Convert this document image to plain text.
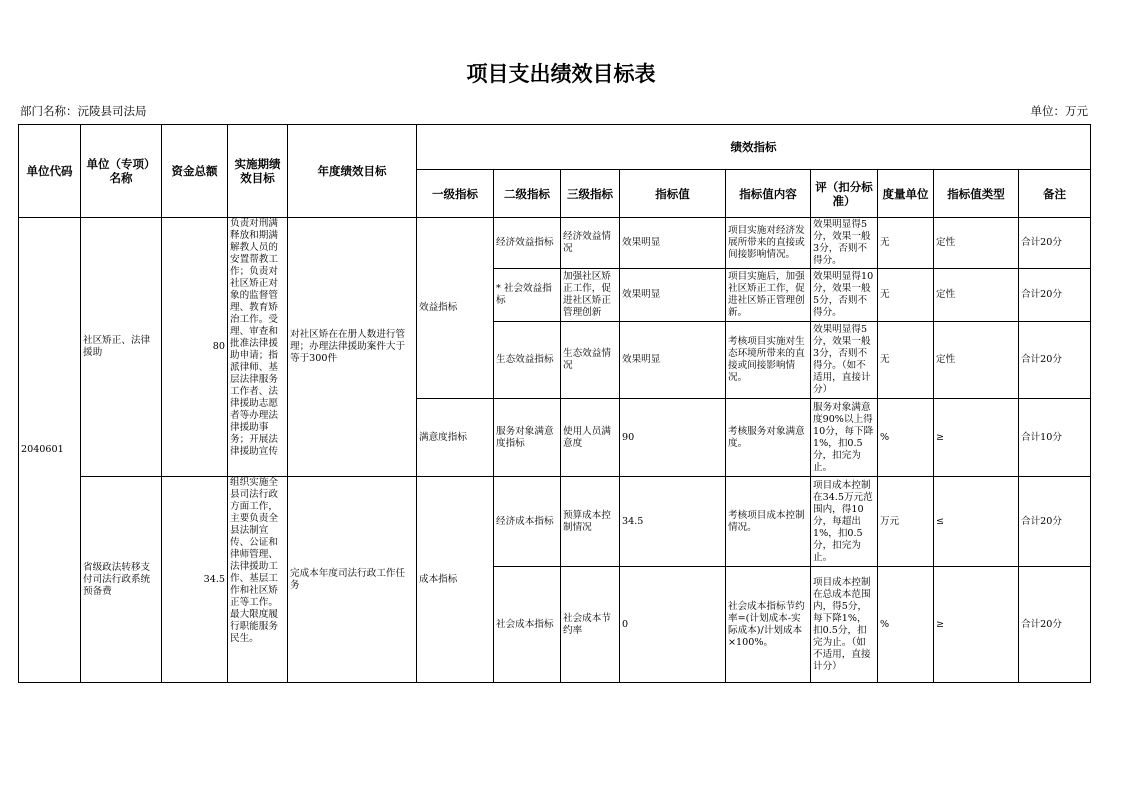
项目支出绩效目标表
部门名称：沅陵县司法局	单位：万元
单位代码	单位（专项）名称	资金总额	实施期绩效目标	年度绩效目标	绩效指标								
					一级指标	二级指标	三级指标	指标值	指标值内容	评（扣分标准）	度量单位	指标值类型	备注
2040601	社区矫正、法律援助	80	负责对刑满释放和期满解教人员的安置帮教工作；负责对社区矫正对象的监督管理、教育矫治工作。受理、审查和批准法律援助申请；指派律师、基层法律服务工作者、法律援助志愿者等办理法律援助事务；开展法律援助宣传	对社区矫在在册人数进行管理；办理法律援助案件大于等于300件	效益指标	经济效益指标	经济效益情况	效果明显	项目实施对经济发展所带来的直接或间接影响情况。	效果明显得5分，效果一般3分，否则不得分。	无	定性	合计20分
						* 社会效益指标	加强社区矫正工作，促进社区矫正管理创新	效果明显	项目实施后，加强社区矫正工作，促进社区矫正管理创新。	效果明显得10分，效果一般5分，否则不得分。	无	定性	合计20分
						生态效益指标	生态效益情况	效果明显	考核项目实施对生态环境所带来的直接或间接影响情况。	效果明显得5分，效果一般3分，否则不得分。（如不适用，直接计分）	无	定性	合计20分
					满意度指标	服务对象满意度指标	使用人员满意度	90	考核服务对象满意度。	服务对象满意度90%以上得10分，每下降1%，扣0.5分，扣完为止。	%	≥	合计10分
	省级政法转移支付司法行政系统预备费	34.5	组织实施全县司法行政方面工作，主要负责全县法制宣传、公证和律师管理、法律援助工作、基层工作和社区矫正等工作。最大限度履行职能服务民生。	完成本年度司法行政工作任务	成本指标	经济成本指标	预算成本控制情况	34.5	考核项目成本控制情况。	项目成本控制在34.5万元范围内，得10分，每超出1%，扣0.5分，扣完为止。	万元	≤	合计20分
						社会成本指标	社会成本节约率	0	社会成本指标节约率=(计划成本-实际成本)/计划成本×100%。	项目成本控制在总成本范围内，得5分，每下降1%，扣0.5分，扣完为止。（如不适用，直接计分）	%	≥	合计20分
